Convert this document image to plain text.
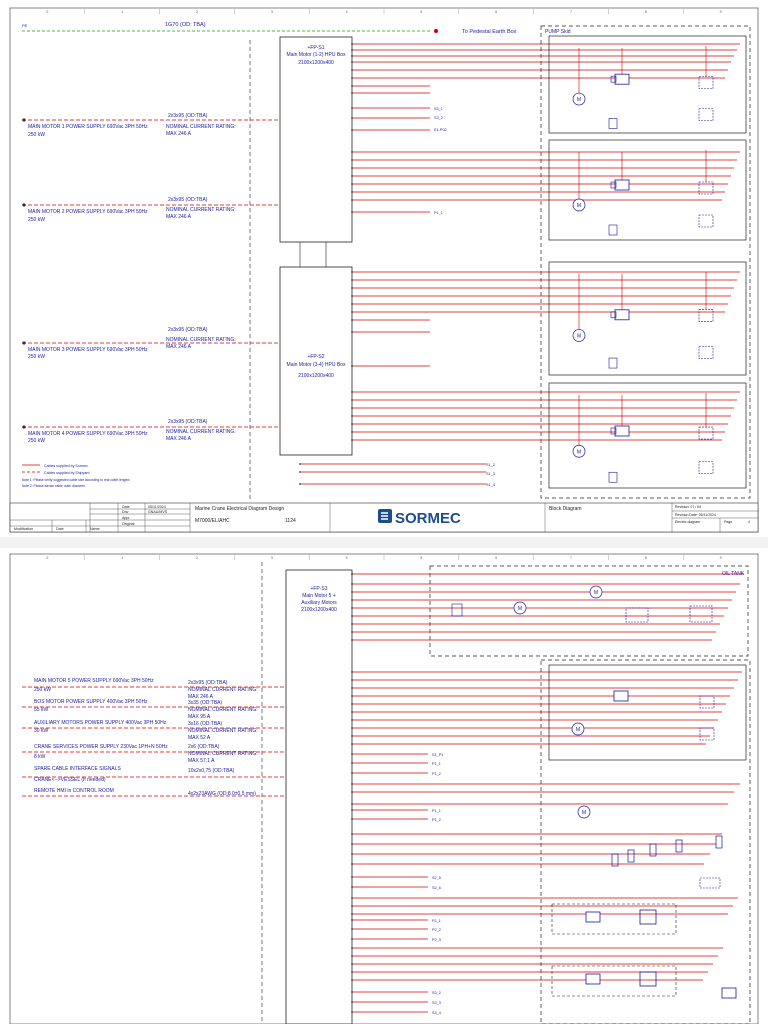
0	1	2	3	4	5	6	7	8	9
PE	1G70 (OD: TBA)
To Pedestal Earth Box	PUMP Skid
+FP-S1
Main Motor (1-2) HPU Box
2100x1200x400
+FP-S2
Main Motor (3-4) HPU Box
2100x1200x400
MAIN MOTOR 1 POWER SUPPLY 690Vac 3PH 50Hz
250 kW
2x3x95 (OD:TBA)
NOMINAL CURRENT RATING:
MAX 246 A
MAIN MOTOR 2 POWER SUPPLY 690Vac 3PH 50Hz
250 kW
2x3x95 (OD:TBA)
NOMINAL CURRENT RATING:
MAX 246 A
MAIN MOTOR 3 POWER SUPPLY 690Vac 3PH 50Hz
250 kW
2x3x95 (OD:TBA)
NOMINAL CURRENT RATING:
MAX 246 A
MAIN MOTOR 4 POWER SUPPLY 690Vac 3PH 50Hz
250 kW
2x3x95 (OD:TBA)
NOMINAL CURRENT RATING:
MAX 246 A
Cables supplied by Sormec
Cables supplied by Shipyard
Note 1: Please verify suggested cable size according to real cable lengths
Note 2: Please advise cable outer diameter
M
M
M
M
S3_1
S3_2
E1-P02
P1_1
S1_2
S1_3
S1_4
Date	05/11/2024
Drw	GNAU/MVS
Appr
Original
Modification	Date	Name
Marine Crane Electrical Diagram Design
M7000/EL/AHC	1124	SORMEC
Block Diagram	Revision: 07 / 00
Revision Date: 05/11/2024
Electric diagram	Page	4
0	1	2	3	4	5	6	7	8	9
OIL TANK
+FP-S3
Main Motor 5 +
Auxiliary Motors
2100x1200x400
MAIN MOTOR 5 POWER SUPPLY 690Vac 3PH 50Hz
250 kW
2x3x95 (OD:TBA)
NOMINAL CURRENT RATING:
MAX 246 A
BOS MOTOR POWER SUPPLY 400Vac 3PH 50Hz
55 kW
3x35 (OD:TBA)
NOMINAL CURRENT RATING:
MAX 95 A
AUXILIARY MOTORS POWER SUPPLY 400Vac 3PH 50Hz
30 kW
3x16 (OD:TBA)
NOMINAL CURRENT RATING:
MAX 52 A
CRANE SERVICES POWER SUPPLY 230Vac 1PH+N 50Hz
8 kW
2x6 (OD:TBA)
NOMINAL CURRENT RATING:
MAX 57,1 A
SPARE CABLE INTERFACE SIGNALS
CRANE<-->VESSEL (If needed)
10x2x0,75 (OD:TBA)
REMOTE HMI in CONTROL ROOM	4x2x23AWG (OD:8.0±0.5 mm)
M
M
M
M
S1_P1
P1_1
P1_2
P1_1
P1_2
S2_5
S2_6
P2_1
P2_2
P2_3
S3_2
S3_3
S3_4
